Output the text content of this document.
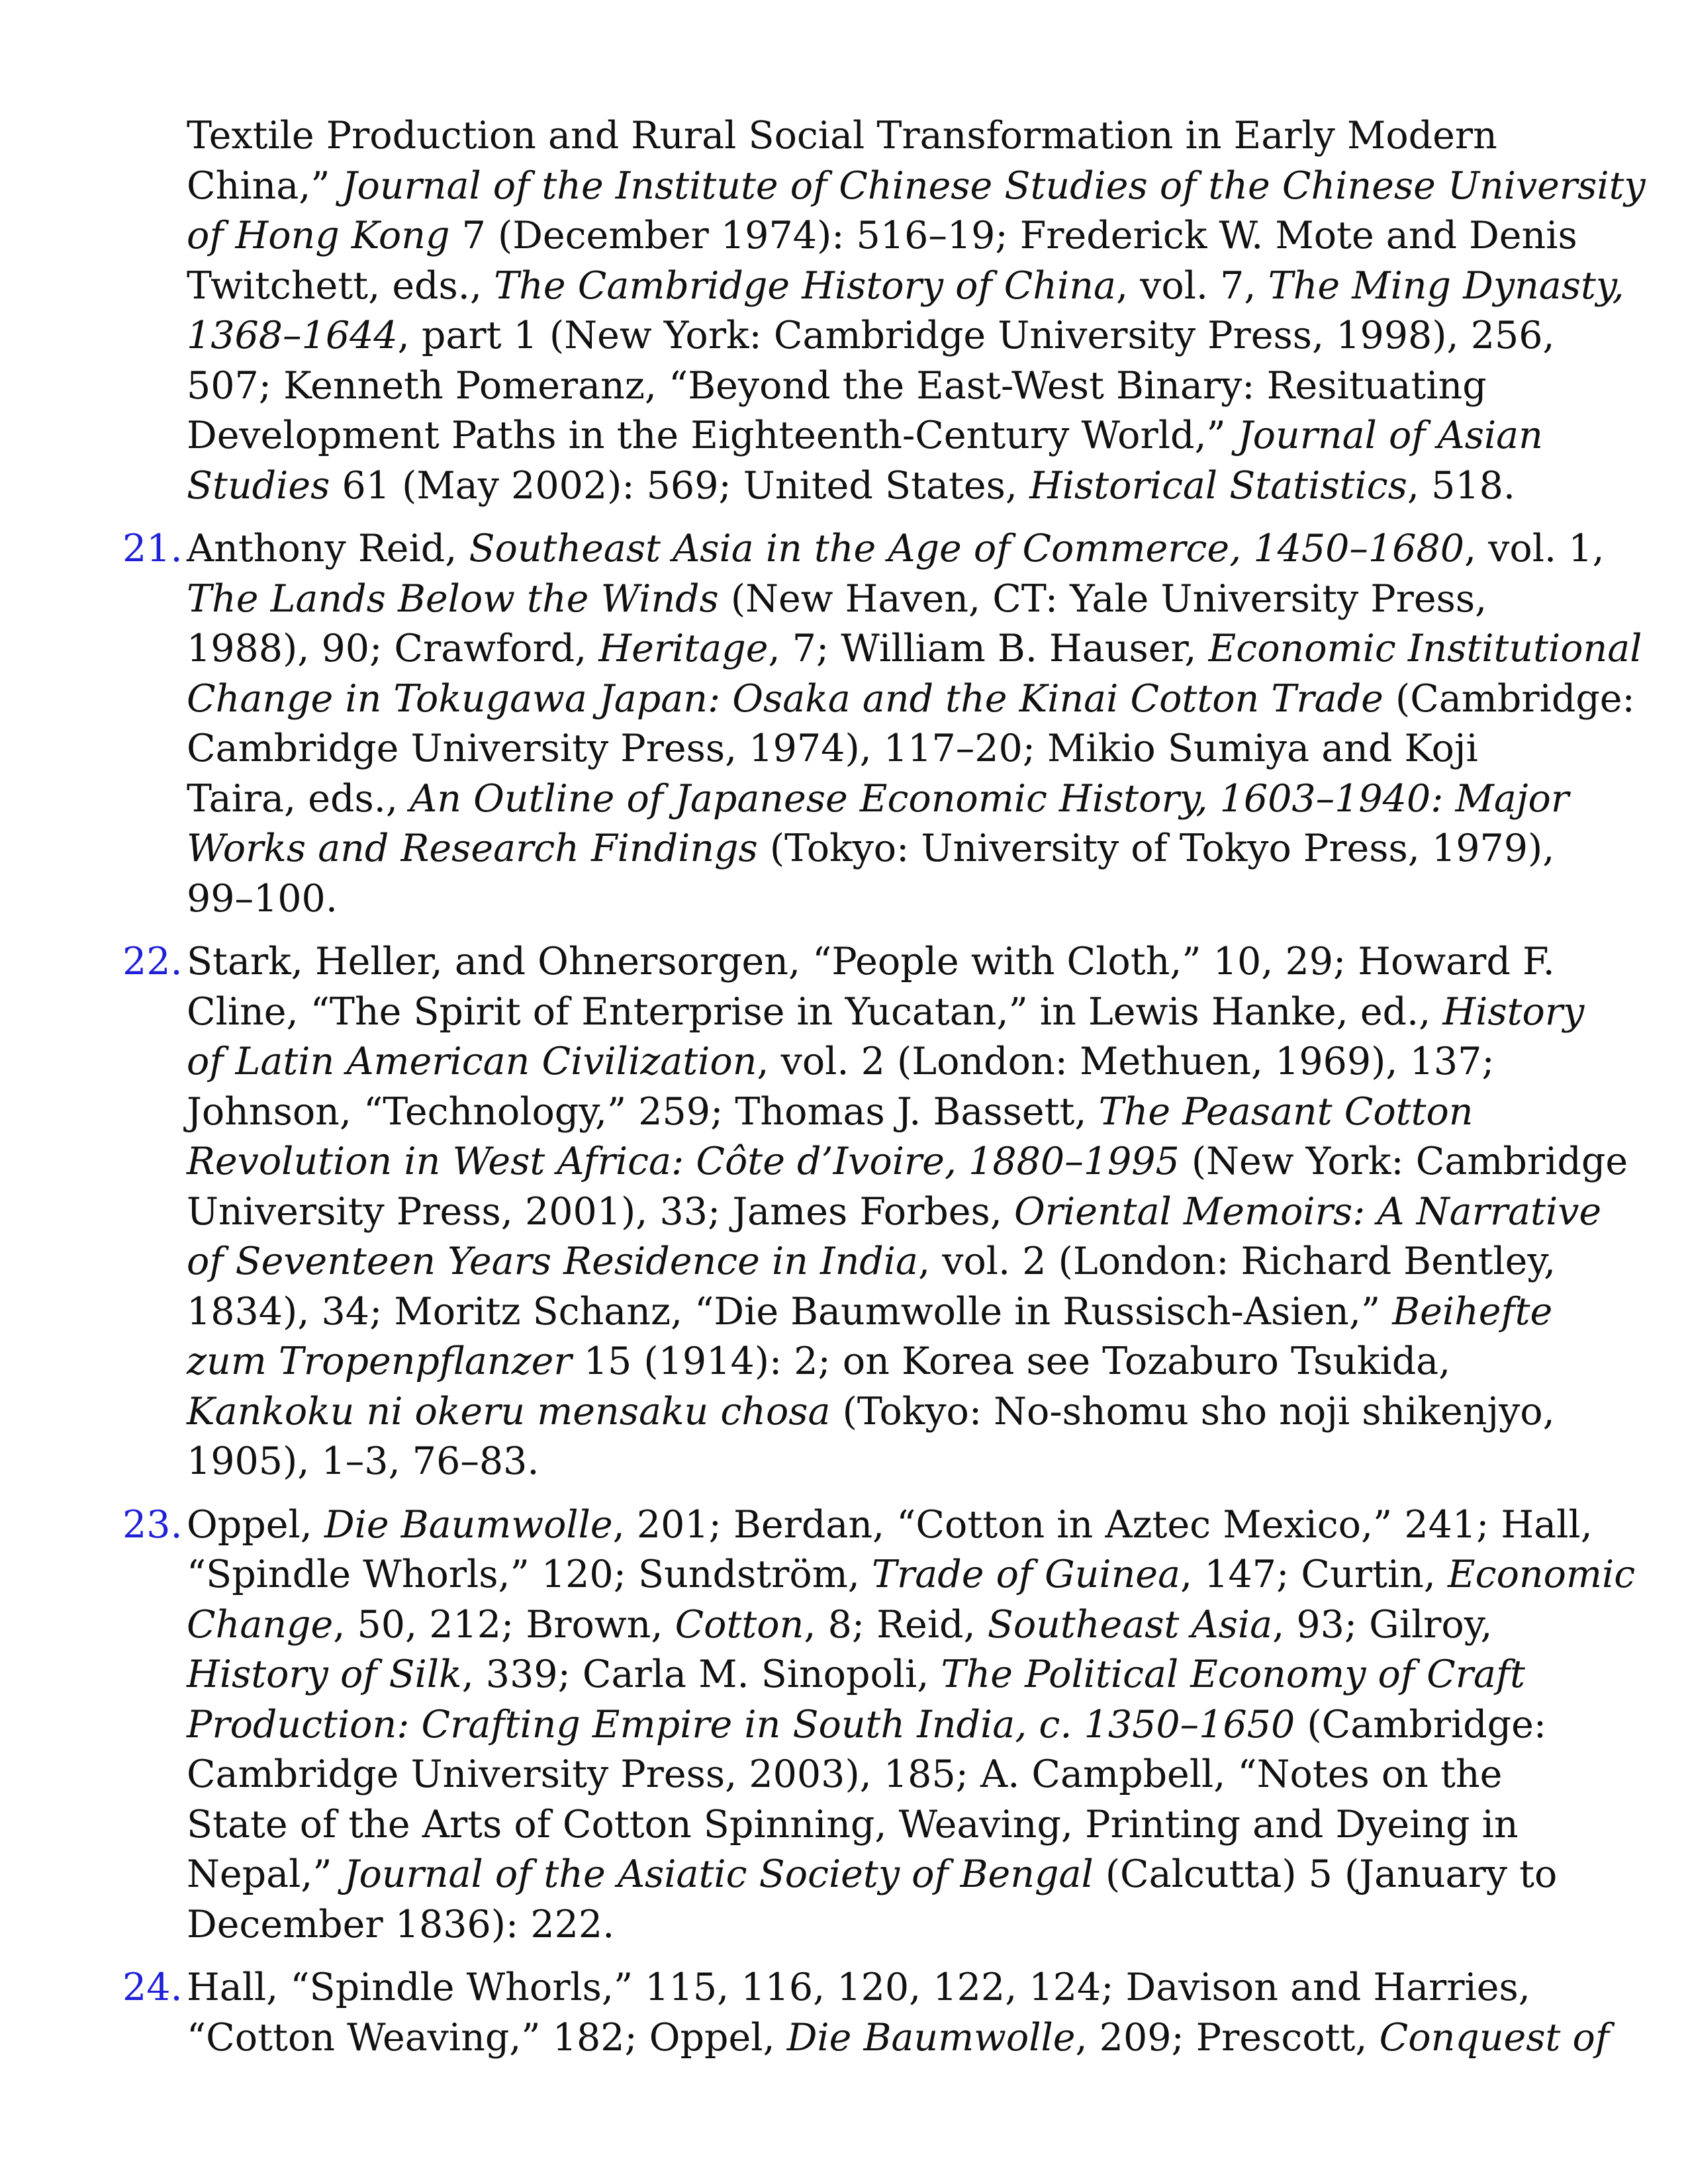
Textile Production and Rural Social Transformation in Early Modern
China,” Journal of the Institute of Chinese Studies of the Chinese University
of Hong Kong 7 (December 1974): 516–19; Frederick W. Mote and Denis
Twitchett, eds., The Cambridge History of China, vol. 7, The Ming Dynasty,
1368–1644, part 1 (New York: Cambridge University Press, 1998), 256,
507; Kenneth Pomeranz, “Beyond the East-West Binary: Resituating
Development Paths in the Eighteenth-Century World,” Journal of Asian
Studies 61 (May 2002): 569; United States, Historical Statistics, 518.
21. Anthony Reid, Southeast Asia in the Age of Commerce, 1450–1680, vol. 1,
The Lands Below the Winds (New Haven, CT: Yale University Press,
1988), 90; Crawford, Heritage, 7; William B. Hauser, Economic Institutional
Change in Tokugawa Japan: Osaka and the Kinai Cotton Trade (Cambridge:
Cambridge University Press, 1974), 117–20; Mikio Sumiya and Koji
Taira, eds., An Outline of Japanese Economic History, 1603–1940: Major
Works and Research Findings (Tokyo: University of Tokyo Press, 1979),
99–100.
22. Stark, Heller, and Ohnersorgen, “People with Cloth,” 10, 29; Howard F.
Cline, “The Spirit of Enterprise in Yucatan,” in Lewis Hanke, ed., History
of Latin American Civilization, vol. 2 (London: Methuen, 1969), 137;
Johnson, “Technology,” 259; Thomas J. Bassett, The Peasant Cotton
Revolution in West Africa: Côte d’Ivoire, 1880–1995 (New York: Cambridge
University Press, 2001), 33; James Forbes, Oriental Memoirs: A Narrative
of Seventeen Years Residence in India, vol. 2 (London: Richard Bentley,
1834), 34; Moritz Schanz, “Die Baumwolle in Russisch-Asien,” Beihefte
zum Tropenpflanzer 15 (1914): 2; on Korea see Tozaburo Tsukida,
Kankoku ni okeru mensaku chosa (Tokyo: No-shomu sho noji shikenjyo,
1905), 1–3, 76–83.
23. Oppel, Die Baumwolle, 201; Berdan, “Cotton in Aztec Mexico,” 241; Hall,
“Spindle Whorls,” 120; Sundström, Trade of Guinea, 147; Curtin, Economic
Change, 50, 212; Brown, Cotton, 8; Reid, Southeast Asia, 93; Gilroy,
History of Silk, 339; Carla M. Sinopoli, The Political Economy of Craft
Production: Crafting Empire in South India, c. 1350–1650 (Cambridge:
Cambridge University Press, 2003), 185; A. Campbell, “Notes on the
State of the Arts of Cotton Spinning, Weaving, Printing and Dyeing in
Nepal,” Journal of the Asiatic Society of Bengal (Calcutta) 5 (January to
December 1836): 222.
24. Hall, “Spindle Whorls,” 115, 116, 120, 122, 124; Davison and Harries,
“Cotton Weaving,” 182; Oppel, Die Baumwolle, 209; Prescott, Conquest of
